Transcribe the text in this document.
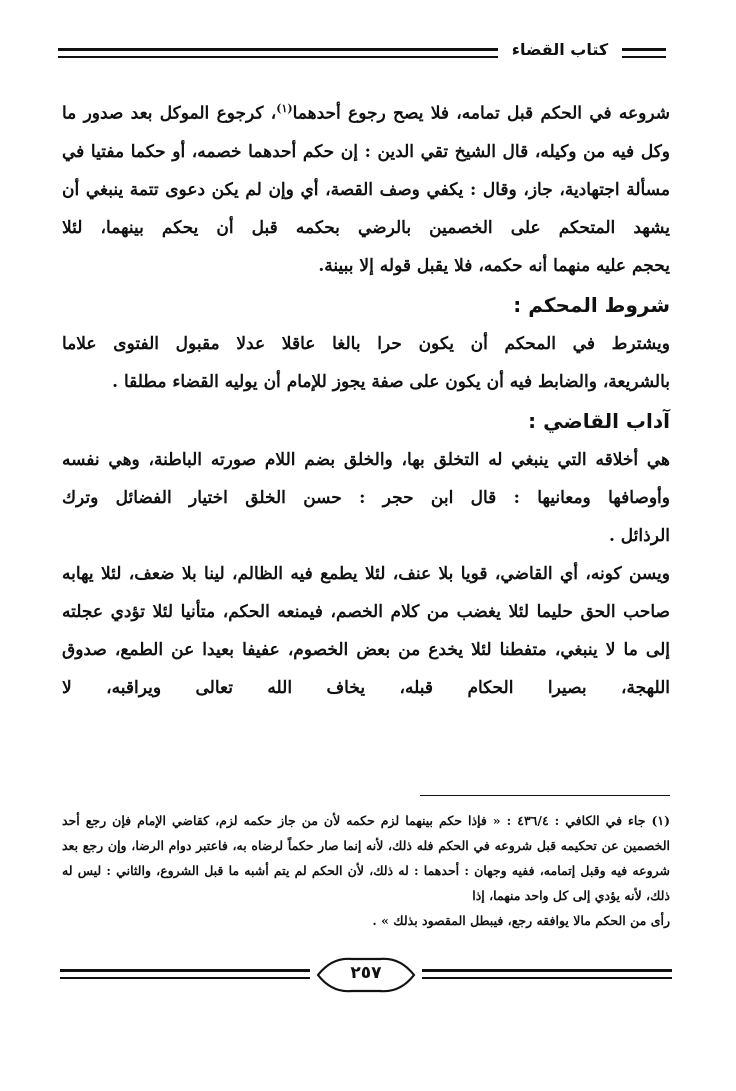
كتاب القضاء

شروعه في الحكم قبل تمامه، فلا يصح رجوع أحدهما$^{(١)}$، كرجوع الموكل بعد صدور ما وكل فيه من وكيله، قال الشيخ تقي الدين : إن حكم أحدهما خصمه، أو حكما مفتيا في مسألة اجتهادية، جاز، وقال : يكفي وصف القصة، أي وإن لم يكن دعوى تتمة ينبغي أن يشهد المتحكم على الخصمين بالرضي بحكمه قبل أن يحكم بينهما، لئلا
يحجم عليه منهما أنه حكمه، فلا يقبل قوله إلا ببينة.

شروط المحكم :

ويشترط في المحكم أن يكون حرا بالغا عاقلا عدلا مقبول الفتوى علاما
بالشريعة، والضابط فيه أن يكون على صفة يجوز للإمام أن يوليه القضاء مطلقا .

آداب القاضي :

هي أخلاقه التي ينبغي له التخلق بها، والخلق بضم اللام صورته الباطنة، وهي نفسه وأوصافها ومعانيها : قال ابن حجر : حسن الخلق اختيار الفضائل وترك
الرذائل .

ويسن كونه، أي القاضي، قويا بلا عنف، لئلا يطمع فيه الظالم، لينا بلا ضعف، لئلا يهابه صاحب الحق حليما لئلا يغضب من كلام الخصم، فيمنعه الحكم، متأنيا لئلا تؤدي عجلته إلى ما لا ينبغي، متفطنا لئلا يخدع من بعض الخصوم، عفيفا بعيدا عن الطمع، صدوق اللهجة، بصيرا الحكام قبله، يخاف الله تعالى ويراقبه، لا

(١) جاء في الكافي : ٤٣٦/٤ : « فإذا حكم بينهما لزم حكمه لأن من جاز حكمه لزم، كقاضي الإمام فإن رجع أحد الخصمين عن تحكيمه قبل شروعه في الحكم فله ذلك، لأنه إنما صار حكماً لرضاه به، فاعتبر دوام الرضا، وإن رجع بعد شروعه فيه وقبل إتمامه، ففيه وجهان : أحدهما : له ذلك، لأن الحكم لم يتم أشبه ما قبل الشروع، والثاني : ليس له ذلك، لأنه يؤدي إلى كل واحد منهما، إذا
رأى من الحكم مالا يوافقه رجع، فيبطل المقصود بذلك » .

٢٥٧
